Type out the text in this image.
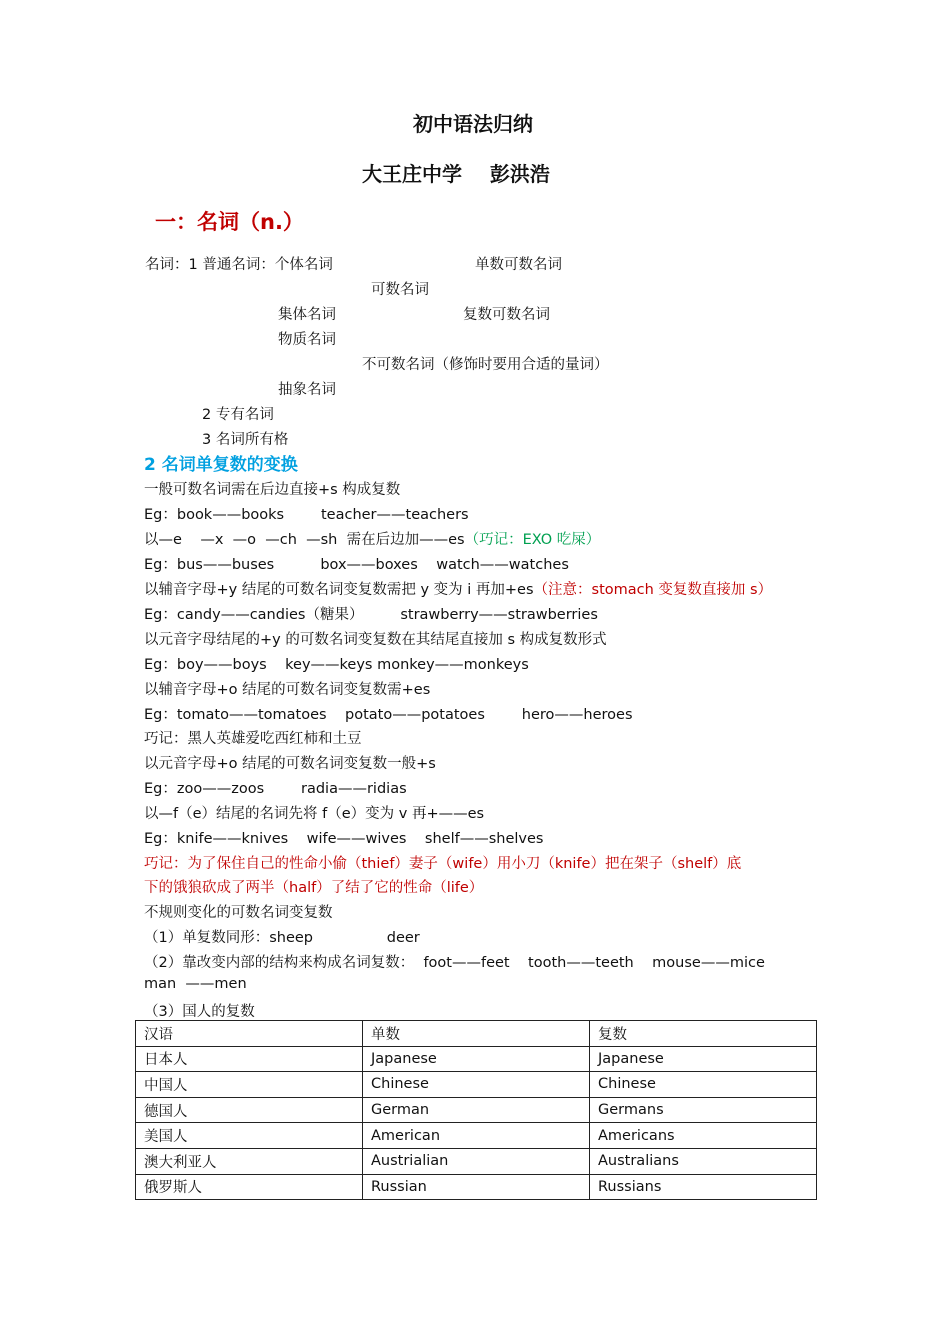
初中语法归纳
大王庄中学    彭洪浩
一：名词（n.）
名词：1 普通名词：个体名词	单数可数名词
可数名词
集体名词	复数可数名词
物质名词
不可数名词（修饰时要用合适的量词）
抽象名词
2 专有名词
3 名词所有格
2 名词单复数的变换
一般可数名词需在后边直接+s 构成复数
Eg：book——books        teacher——teachers
以—e    —x  —o  —ch  —sh  需在后边加——es（巧记：EXO 吃屎）
Eg：bus——buses          box——boxes    watch——watches
以辅音字母+y 结尾的可数名词变复数需把 y 变为 i 再加+es（注意：stomach 变复数直接加 s）
Eg：candy——candies（糖果）        strawberry——strawberries
以元音字母结尾的+y 的可数名词变复数在其结尾直接加 s 构成复数形式
Eg：boy——boys    key——keys monkey——monkeys
以辅音字母+o 结尾的可数名词变复数需+es
Eg：tomato——tomatoes    potato——potatoes        hero——heroes
巧记：黑人英雄爱吃西红柿和土豆
以元音字母+o 结尾的可数名词变复数一般+s
Eg：zoo——zoos        radia——ridias
以—f（e）结尾的名词先将 f（e）变为 v 再+——es
Eg：knife——knives    wife——wives    shelf——shelves
巧记：为了保住自己的性命小偷（thief）妻子（wife）用小刀（knife）把在架子（shelf）底
下的饿狼砍成了两半（half）了结了它的性命（life）
不规则变化的可数名词变复数
（1）单复数同形：sheep                deer
（2）靠改变内部的结构来构成名词复数：  foot——feet    tooth——teeth    mouse——mice
man  ——men
（3）国人的复数
汉语	单数	复数
日本人	Japanese	Japanese
中国人	Chinese	Chinese
德国人	German	Germans
美国人	American	Americans
澳大利亚人	Austrialian	Australians
俄罗斯人	Russian	Russians
